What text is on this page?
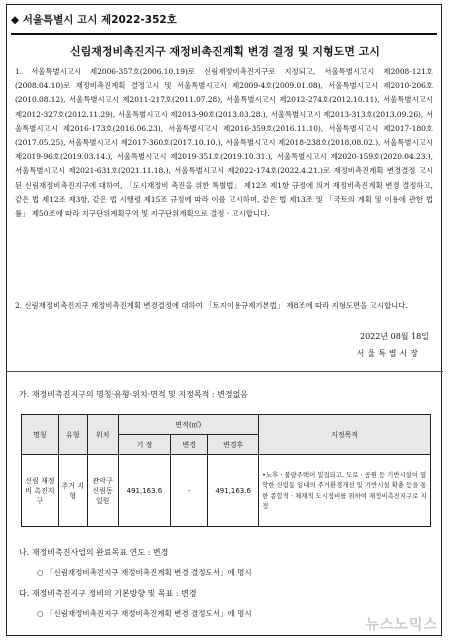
◆ 서울특별시 고시 제2022-352호
신림재정비촉진지구 재정비촉진계획 변경 결정 및 지형도면 고시
1. 서울특별시고시 제2006-357호(2006.10.19)로 신림재정비촉진지구로 지정되고, 서울특별시고시 제2008-121호(2008.04.10)로 재정비촉진계획 결정고시 및 서울특별시고시 제2009-4호(2009.01.08), 서울특별시고시 제2010-206호(2010.08.12), 서울특별시고시 제2011-217호(2011.07.28), 서울특별시고시 제2012-274호(2012.10.11), 서울특별시고시 제2012-327호(2012.11.29), 서울특별시고시 제2013-90호(2013.03.28.), 서울특별시고시 제2013-313호(2013.09.26), 서울특별시고시 제2016-173호(2016.06.23), 서울특별시고시 제2016-359호(2016.11.10), 서울특별시고시 제2017-180호(2017.05.25), 서울특별시고시 제2017-360호(2017.10.10.), 서울특별시고시 제2018-238호(2018.08.02.), 서울특별시고시 제2019-96호(2019.03.14.), 서울특별시고시 제2019-351호(2019.10.31.), 서울특별시고시 제2020-159호(2020.04.23.), 서울특별시고시 제2021-631호(2021.11.18.), 서울특별시고시 제2022-174호(2022.4.21.)로 재정비촉진계획 변경결정 고시된 신림재정비촉진지구에 대하여, 「도시재정비 촉진을 위한 특별법」 제12조 제1항 규정에 의거 재정비촉진계획 변경 결정하고, 같은 법 제12조 제3항, 같은 법 시행령 제15조 규정에 따라 이를 고시하며, 같은 법 제13조 및 「국토의 계획 및 이용에 관한 법률」 제50조에 따라 지구단위계획구역 및 지구단위계획으로 결정ㆍ고시합니다.
2. 신림재정비촉진지구 재정비촉진계획 변경결정에 대하여 「토지이용규제기본법」 제8조에 따라 지형도면을 고시합니다.
2022년 08월 18일
서울특별시장
가. 재정비촉진지구의 명칭·유형·위치·면적 및 지정목적 : 변경없음
명칭	유형	위치	면적(㎡)			지정목적
			기 정	변경	변경후	
신림 재정비 촉진지구	주거 지형	관악구 신림동 일원	491,163.6	-	491,163.6	•노후ㆍ불량주택이 밀집되고, 도로ㆍ공원 등 기반시설이 열악한 신림동 일대의 주거환경개선 및 기반시설 확충 등을 통한 종합적ㆍ체계적 도시정비를 위하여 재정비촉진지구로 지정
나. 재정비촉진사업의 완료목표 연도 : 변경
○ 「신림재정비촉진지구 재정비촉진계획 변경 결정도서」에 명시
다. 재정비촉진지구 정비의 기본방향 및 목표 : 변경
○ 「신림재정비촉진지구 재정비촉진계획 변경 결정도서」에 명시
뉴스노믹스
